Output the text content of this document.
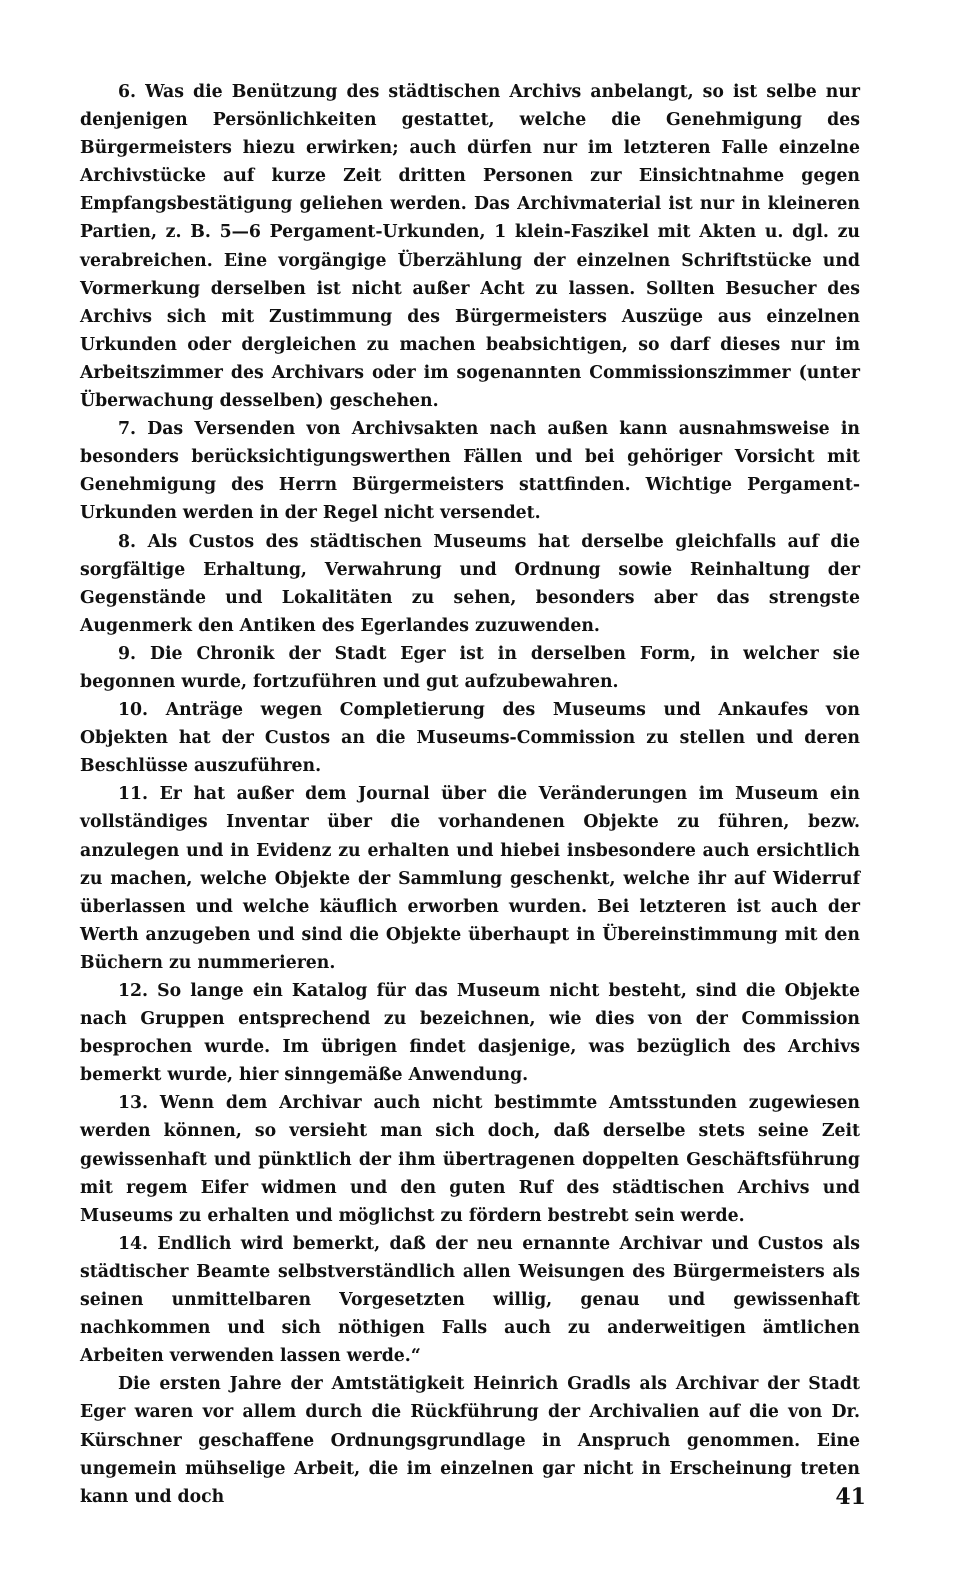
6. Was die Benützung des städtischen Archivs anbelangt, so ist selbe nur denjenigen Persönlichkeiten gestattet, welche die Genehmigung des Bürgermeisters hiezu erwirken; auch dürfen nur im letzteren Falle einzelne Archivstücke auf kurze Zeit dritten Personen zur Einsichtnahme gegen Empfangsbestätigung geliehen werden. Das Archivmaterial ist nur in kleineren Partien, z. B. 5—6 Pergament-Urkunden, 1 klein-Faszikel mit Akten u. dgl. zu verabreichen. Eine vorgängige Überzählung der einzelnen Schriftstücke und Vormerkung derselben ist nicht außer Acht zu lassen. Sollten Besucher des Archivs sich mit Zustimmung des Bürgermeisters Auszüge aus einzelnen Urkunden oder dergleichen zu machen beabsichtigen, so darf dieses nur im Arbeitszimmer des Archivars oder im sogenannten Commissionszimmer (unter Überwachung desselben) geschehen.

7. Das Versenden von Archivsakten nach außen kann ausnahmsweise in besonders berücksichtigungswerthen Fällen und bei gehöriger Vorsicht mit Genehmigung des Herrn Bürgermeisters stattfinden. Wichtige Pergament-Urkunden werden in der Regel nicht versendet.

8. Als Custos des städtischen Museums hat derselbe gleichfalls auf die sorgfältige Erhaltung, Verwahrung und Ordnung sowie Reinhaltung der Gegenstände und Lokalitäten zu sehen, besonders aber das strengste Augenmerk den Antiken des Egerlandes zuzuwenden.

9. Die Chronik der Stadt Eger ist in derselben Form, in welcher sie begonnen wurde, fortzuführen und gut aufzubewahren.

10. Anträge wegen Completierung des Museums und Ankaufes von Objekten hat der Custos an die Museums-Commission zu stellen und deren Beschlüsse auszuführen.

11. Er hat außer dem Journal über die Veränderungen im Museum ein vollständiges Inventar über die vorhandenen Objekte zu führen, bezw. anzulegen und in Evidenz zu erhalten und hiebei insbesondere auch ersichtlich zu machen, welche Objekte der Sammlung geschenkt, welche ihr auf Widerruf überlassen und welche käuflich erworben wurden. Bei letzteren ist auch der Werth anzugeben und sind die Objekte überhaupt in Übereinstimmung mit den Büchern zu nummerieren.

12. So lange ein Katalog für das Museum nicht besteht, sind die Objekte nach Gruppen entsprechend zu bezeichnen, wie dies von der Commission besprochen wurde. Im übrigen findet dasjenige, was bezüglich des Archivs bemerkt wurde, hier sinngemäße Anwendung.

13. Wenn dem Archivar auch nicht bestimmte Amtsstunden zugewiesen werden können, so versieht man sich doch, daß derselbe stets seine Zeit gewissenhaft und pünktlich der ihm übertragenen doppelten Geschäftsführung mit regem Eifer widmen und den guten Ruf des städtischen Archivs und Museums zu erhalten und möglichst zu fördern bestrebt sein werde.

14. Endlich wird bemerkt, daß der neu ernannte Archivar und Custos als städtischer Beamte selbstverständlich allen Weisungen des Bürgermeisters als seinen unmittelbaren Vorgesetzten willig, genau und gewissenhaft nachkommen und sich nöthigen Falls auch zu anderweitigen ämtlichen Arbeiten verwenden lassen werde.“

Die ersten Jahre der Amtstätigkeit Heinrich Gradls als Archivar der Stadt Eger waren vor allem durch die Rückführung der Archivalien auf die von Dr. Kürschner geschaffene Ordnungsgrundlage in Anspruch genommen. Eine ungemein mühselige Arbeit, die im einzelnen gar nicht in Erscheinung treten kann und doch	41
